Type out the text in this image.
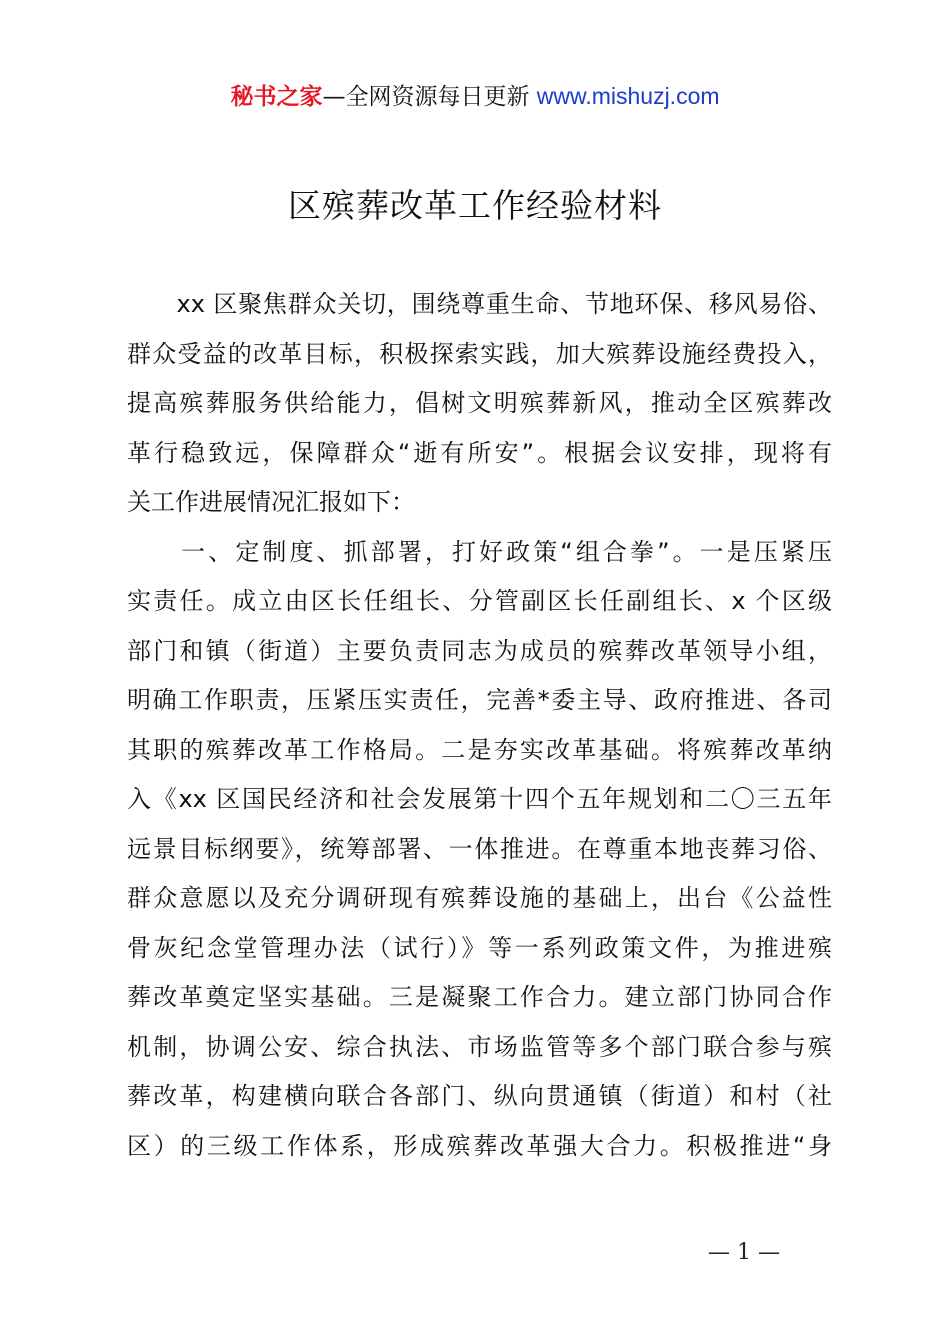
秘书之家—全网资源每日更新 www.mishuzj.com
区殡葬改革工作经验材料
　　xx 区聚焦群众关切，围绕尊重生命、节地环保、移风易俗、
群众受益的改革目标，积极探索实践，加大殡葬设施经费投入，
提高殡葬服务供给能力，倡树文明殡葬新风，推动全区殡葬改
革行稳致远，保障群众“逝有所安”。根据会议安排，现将有
关工作进展情况汇报如下：
　　一、定制度、抓部署，打好政策“组合拳”。一是压紧压
实责任。成立由区长任组长、分管副区长任副组长、x 个区级
部门和镇（街道）主要负责同志为成员的殡葬改革领导小组，
明确工作职责，压紧压实责任，完善*委主导、政府推进、各司
其职的殡葬改革工作格局。二是夯实改革基础。将殡葬改革纳
入《xx 区国民经济和社会发展第十四个五年规划和二〇三五年
远景目标纲要》，统筹部署、一体推进。在尊重本地丧葬习俗、
群众意愿以及充分调研现有殡葬设施的基础上，出台《公益性
骨灰纪念堂管理办法（试行）》等一系列政策文件，为推进殡
葬改革奠定坚实基础。三是凝聚工作合力。建立部门协同合作
机制，协调公安、综合执法、市场监管等多个部门联合参与殡
葬改革，构建横向联合各部门、纵向贯通镇（街道）和村（社
区）的三级工作体系，形成殡葬改革强大合力。积极推进“身
— 1 —
